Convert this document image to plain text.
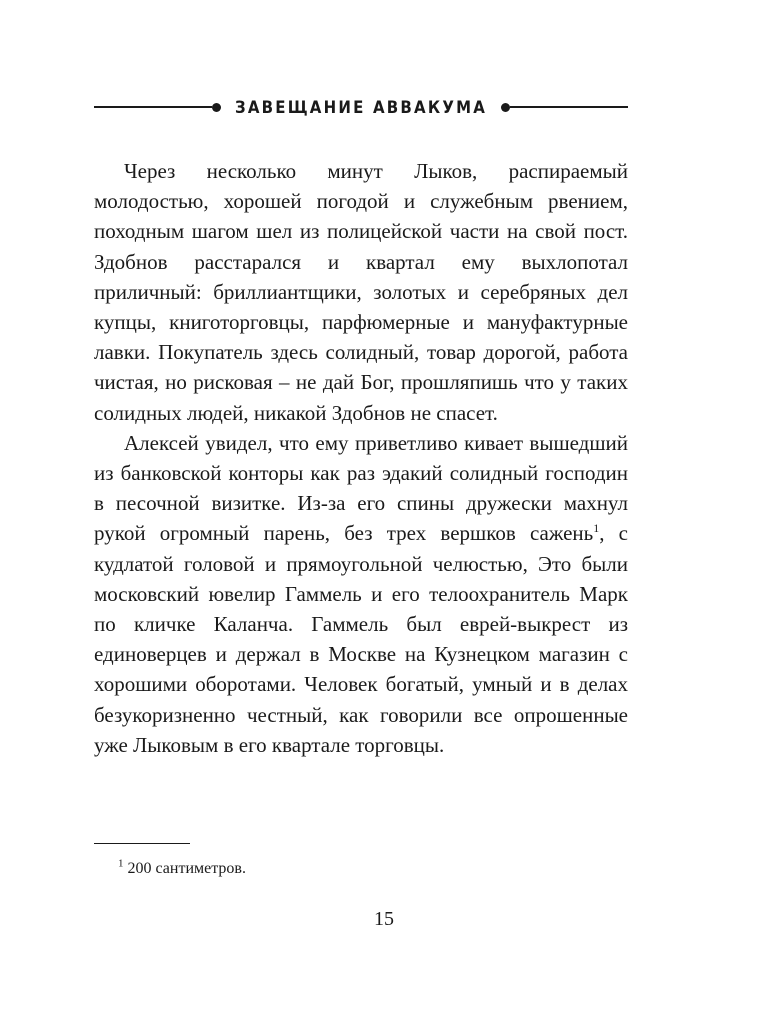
ЗАВЕЩАНИЕ АВВАКУМА

Через несколько минут Лыков, распираемый молодостью, хорошей погодой и служебным рвением, походным шагом шел из полицейской части на свой пост. Здобнов расстарался и квартал ему выхлопотал приличный: бриллиантщики, золотых и серебряных дел купцы, книготорговцы, парфюмерные и мануфактурные лавки. Покупатель здесь солидный, товар дорогой, работа чистая, но рисковая – не дай Бог, прошляпишь что у таких солидных людей, никакой Здобнов не спасет.

Алексей увидел, что ему приветливо кивает вышедший из банковской конторы как раз эдакий солидный господин в песочной визитке. Из-за его спины дружески махнул рукой огромный парень, без трех вершков сажень$^1$, с кудлатой головой и прямоугольной челюстью, Это были московский ювелир Гаммель и его телоохранитель Марк по кличке Каланча. Гаммель был еврей-выкрест из единоверцев и держал в Москве на Кузнецком магазин с хорошими оборотами. Человек богатый, умный и в делах безукоризненно честный, как говорили все опрошенные уже Лыковым в его квартале торговцы.

$^1$ 200 сантиметров.
15
